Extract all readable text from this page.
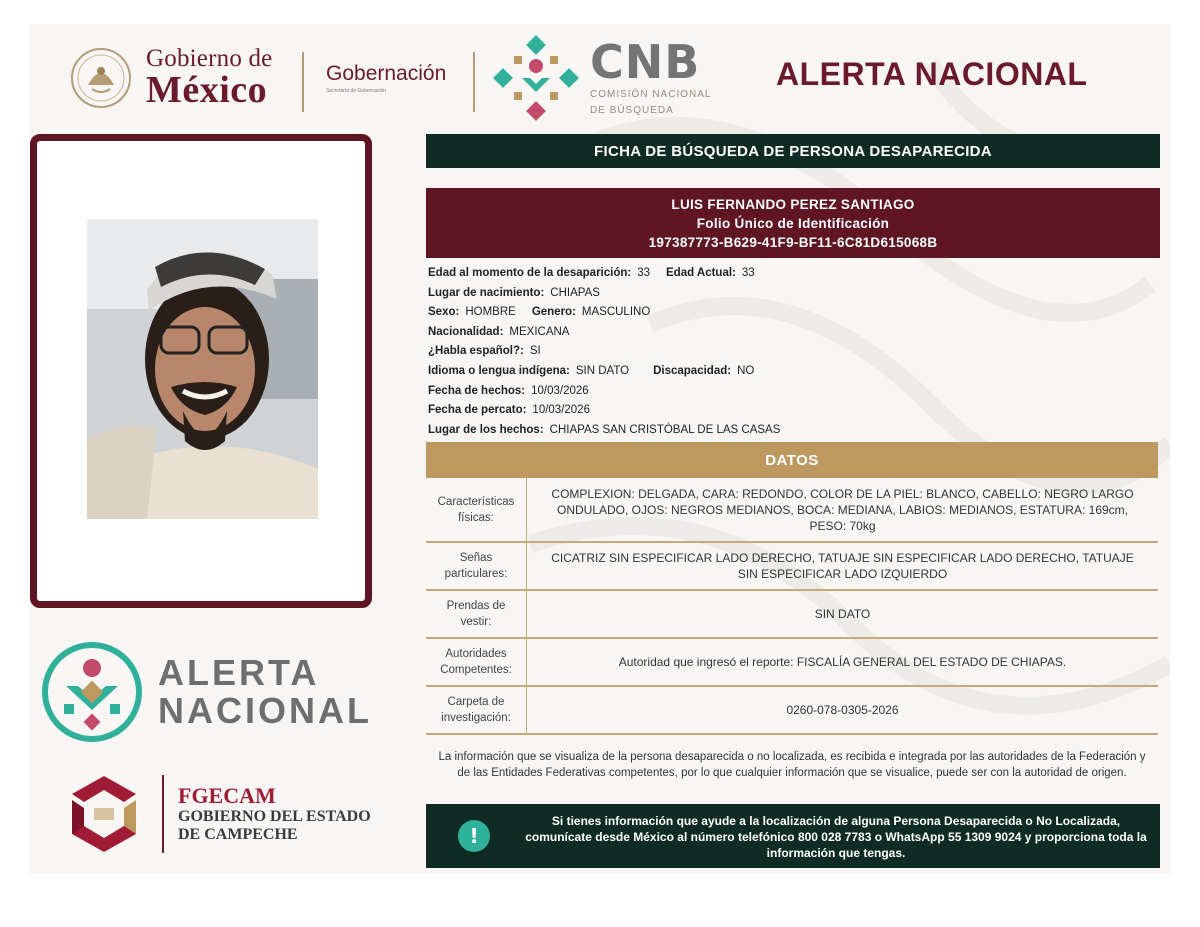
Gobierno de
México	Gobernación
Secretaría de Gobernación
CNB
COMISIÓN NACIONAL
DE BÚSQUEDA
ALERTA NACIONAL
FICHA DE BÚSQUEDA DE PERSONA DESAPARECIDA
LUIS FERNANDO PEREZ SANTIAGO
Folio Único de Identificación
197387773-B629-41F9-BF11-6C81D615068B
Edad al momento de la desaparición: 33 Edad Actual: 33
Lugar de nacimiento: CHIAPAS
Sexo: HOMBRE Genero: MASCULINO
Nacionalidad: MEXICANA
¿Habla español?: SI
Idioma o lengua indígena: SIN DATO Discapacidad: NO
Fecha de hechos: 10/03/2026
Fecha de percato: 10/03/2026
Lugar de los hechos: CHIAPAS SAN CRISTÓBAL DE LAS CASAS
DATOS
Características
físicas:	COMPLEXION: DELGADA, CARA: REDONDO, COLOR DE LA PIEL: BLANCO, CABELLO: NEGRO LARGO ONDULADO, OJOS: NEGROS MEDIANOS, BOCA: MEDIANA, LABIOS: MEDIANOS, ESTATURA: 169cm, PESO: 70kg

Señas
particulares:	CICATRIZ SIN ESPECIFICAR LADO DERECHO, TATUAJE SIN ESPECIFICAR LADO DERECHO, TATUAJE SIN ESPECIFICAR LADO IZQUIERDO

Prendas de
vestir:	SIN DATO

Autoridades
Competentes:	Autoridad que ingresó el reporte: FISCALÍA GENERAL DEL ESTADO DE CHIAPAS.

Carpeta de
investigación:	0260-078-0305-2026
La información que se visualiza de la persona desaparecida o no localizada, es recibida e integrada por las autoridades de la Federación y de las Entidades Federativas competentes, por lo que cualquier información que se visualice, puede ser con la autoridad de origen.
!
Si tienes información que ayude a la localización de alguna Persona Desaparecida o No Localizada, comunícate desde México al número telefónico 800 028 7783 o WhatsApp 55 1309 9024 y proporciona toda la información que tengas.
ALERTA
NACIONAL
FGECAM
GOBIERNO DEL ESTADO
DE CAMPECHE
